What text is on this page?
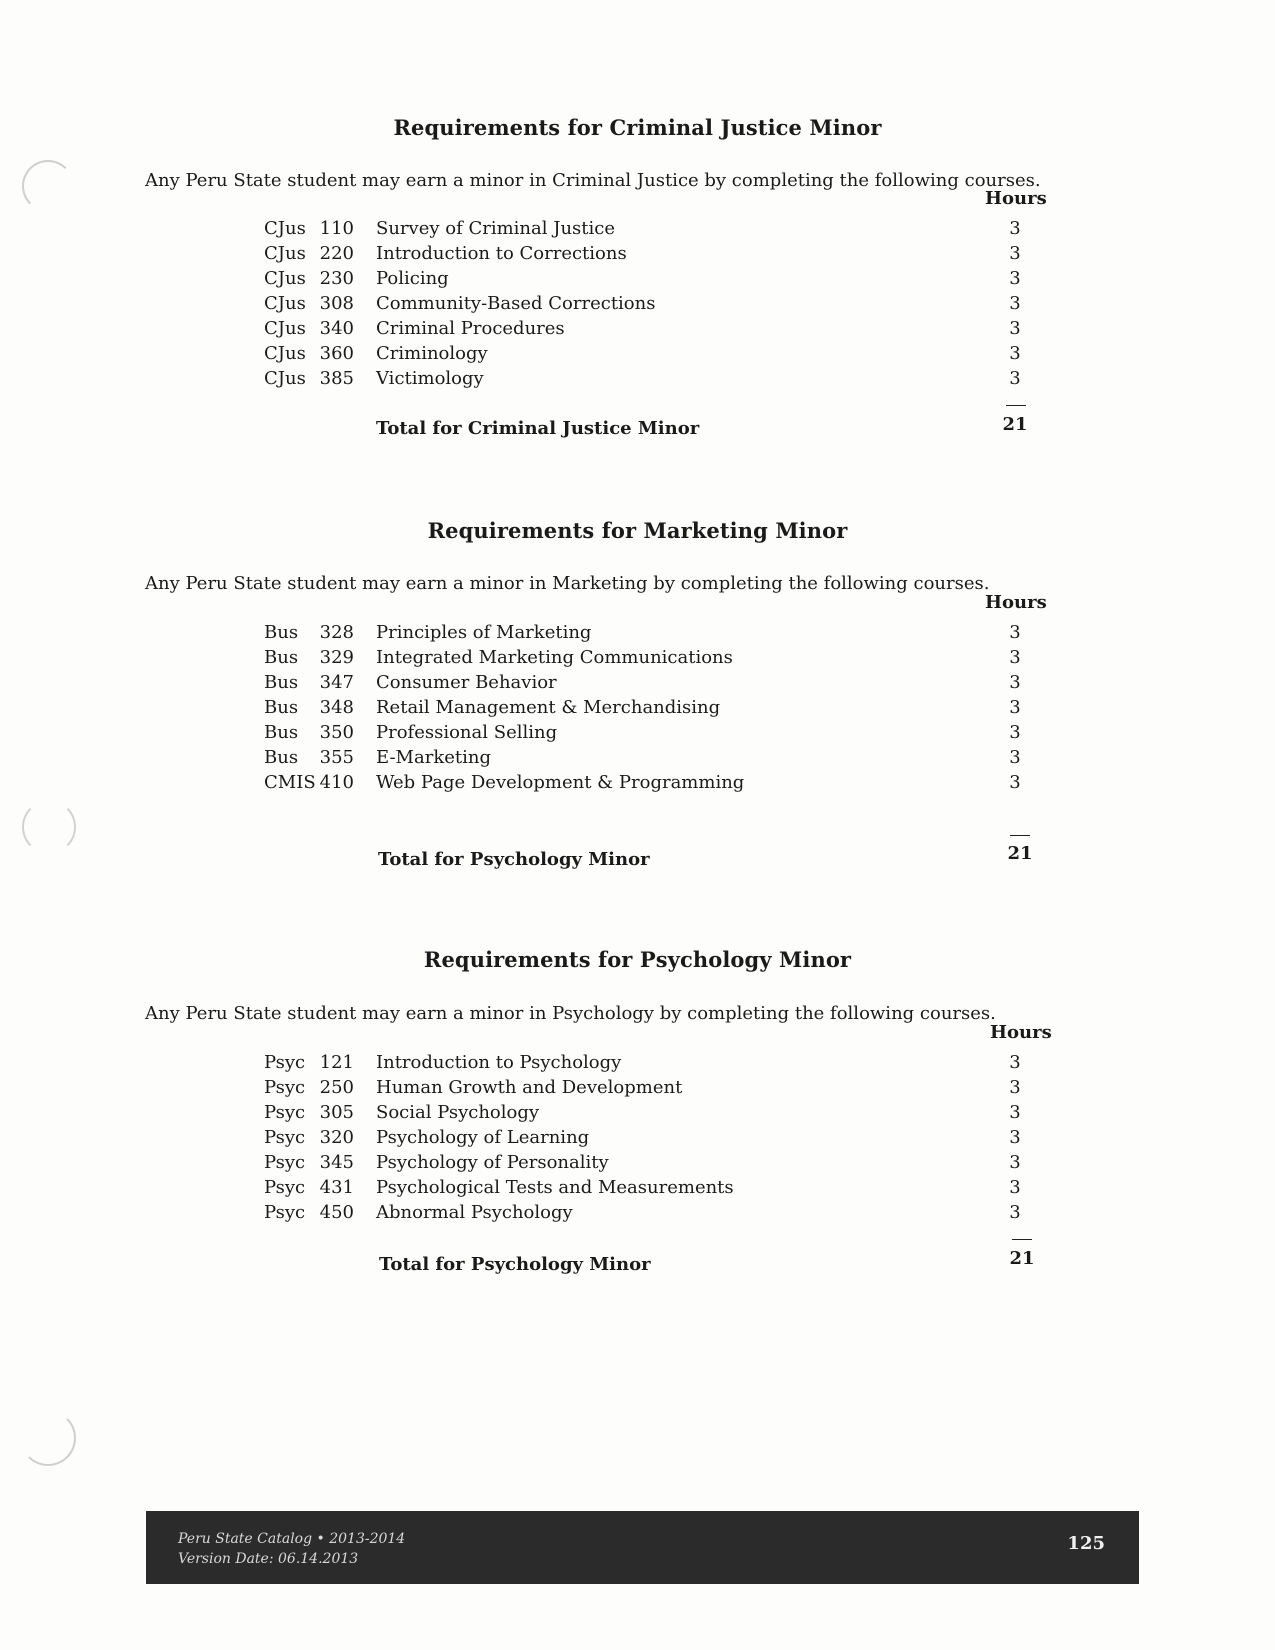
Requirements for Criminal Justice Minor
Any Peru State student may earn a minor in Criminal Justice by completing the following courses.
Hours
CJus 110 Survey of Criminal Justice	3
CJus 220 Introduction to Corrections	3
CJus 230 Policing	3
CJus 308 Community-Based Corrections	3
CJus 340 Criminal Procedures	3
CJus 360 Criminology	3
CJus 385 Victimology	3
Total for Criminal Justice Minor	21
Requirements for Marketing Minor
Any Peru State student may earn a minor in Marketing by completing the following courses.
Hours
Bus	328 Principles of Marketing	3
Bus	329 Integrated Marketing Communications	3
Bus	347 Consumer Behavior	3
Bus	348 Retail Management & Merchandising	3
Bus	350 Professional Selling	3
Bus	355 E-Marketing	3
CMIS 410 Web Page Development & Programming	3
Total for Psychology Minor	21
Requirements for Psychology Minor
Any Peru State student may earn a minor in Psychology by completing the following courses.
Hours
Psyc 121 Introduction to Psychology	3
Psyc 250 Human Growth and Development	3
Psyc 305 Social Psychology	3
Psyc 320 Psychology of Learning	3
Psyc 345 Psychology of Personality	3
Psyc 431 Psychological Tests and Measurements	3
Psyc 450 Abnormal Psychology	3
Total for Psychology Minor	21
Peru State Catalog • 2013-2014
Version Date: 06.14.2013
125
